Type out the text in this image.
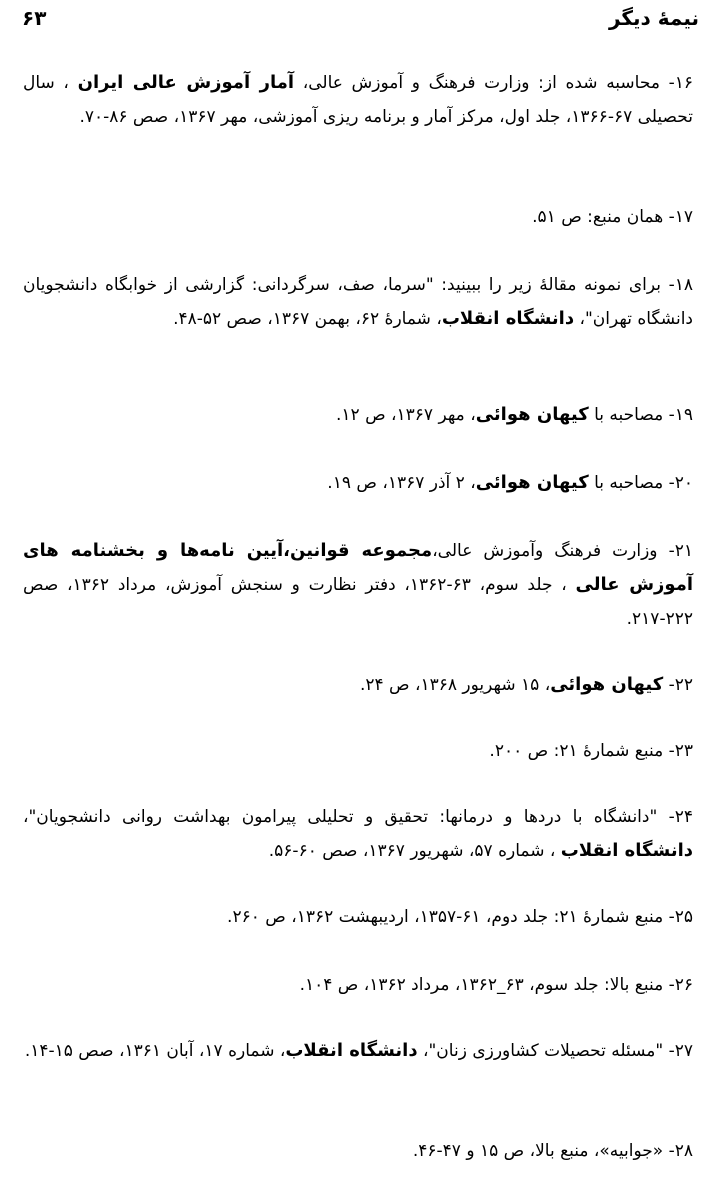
نیمهٔ دیگر
۶۳
۱۶- محاسبه شده از: وزارت فرهنگ و آموزش عالی، آمار آموزش عالی ایران ، سال تحصیلی ۶۷-۱۳۶۶، جلد اول، مرکز آمار و برنامه ریزی آموزشی، مهر ۱۳۶۷، صص ۸۶-۷۰.
۱۷- همان منبع: ص ۵۱.
۱۸- برای نمونه مقالهٔ زیر را ببینید: "سرما، صف، سرگردانی: گزارشی از خوابگاه دانشجویان دانشگاه تهران"، دانشگاه انقلاب، شمارهٔ ۶۲، بهمن ۱۳۶۷، صص ۵۲-۴۸.
۱۹- مصاحبه با کیهان هوائی، مهر ۱۳۶۷، ص ۱۲.
۲۰- مصاحبه با کیهان هوائی، ۲ آذر ۱۳۶۷، ص ۱۹.
۲۱- وزارت فرهنگ وآموزش عالی،مجموعه قوانین،آیین نامه‌ها و بخشنامه های آموزش عالی ، جلد سوم، ۶۳-۱۳۶۲، دفتر نظارت و سنجش آموزش، مرداد ۱۳۶۲، صص ۲۲۲-۲۱۷.
۲۲- کیهان هوائی، ۱۵ شهریور ۱۳۶۸، ص ۲۴.
۲۳- منبع شمارهٔ ۲۱: ص ۲۰۰.
۲۴- "دانشگاه با دردها و درمانها: تحقیق و تحلیلی پیرامون بهداشت روانی دانشجویان"، دانشگاه انقلاب ، شماره ۵۷، شهریور ۱۳۶۷، صص ۶۰-۵۶.
۲۵- منبع شمارهٔ ۲۱: جلد دوم، ۶۱-۱۳۵۷، اردیبهشت ۱۳۶۲، ص ۲۶۰.
۲۶- منبع بالا: جلد سوم، ۶۳_۱۳۶۲، مرداد ۱۳۶۲، ص ۱۰۴.
۲۷- "مسئله تحصیلات کشاورزی زنان"، دانشگاه انقلاب، شماره ۱۷، آبان ۱۳۶۱، صص ۱۵-۱۴.
۲۸- «جوابیه»، منبع بالا، ص ۱۵ و ۴۷-۴۶.
